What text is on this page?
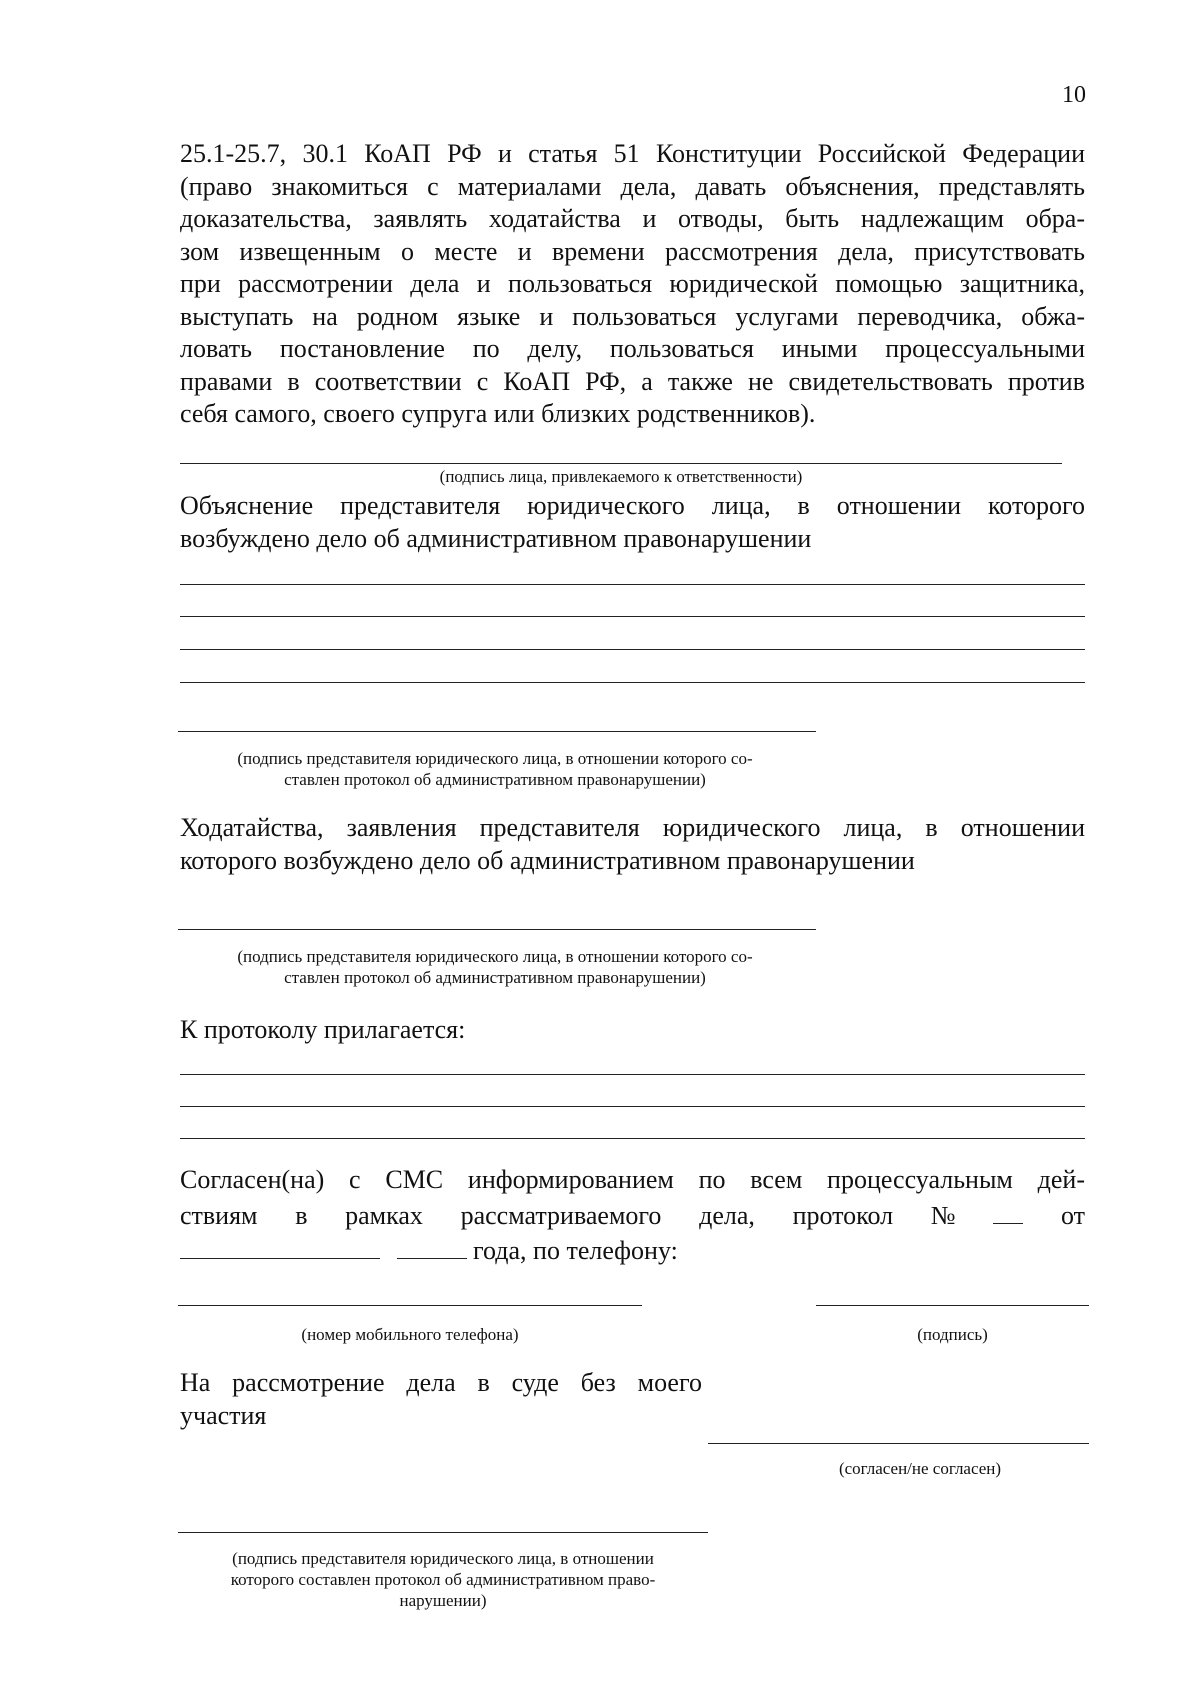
10
25.1-25.7, 30.1 КоАП РФ и статья 51 Конституции Российской Федерации
(право знакомиться с материалами дела, давать объяснения, представлять
доказательства, заявлять ходатайства и отводы, быть надлежащим обра-
зом извещенным о месте и времени рассмотрения дела, присутствовать
при рассмотрении дела и пользоваться юридической помощью защитника,
выступать на родном языке и пользоваться услугами переводчика, обжа-
ловать постановление по делу, пользоваться иными процессуальными
правами в соответствии с КоАП РФ, а также не свидетельствовать против
себя самого, своего супруга или близких родственников).
(подпись лица, привлекаемого к ответственности)
Объяснение представителя юридического лица, в отношении которого
возбуждено дело об административном правонарушении
(подпись представителя юридического лица, в отношении которого со-
ставлен протокол об административном правонарушении)
Ходатайства, заявления представителя юридического лица, в отношении
которого возбуждено дело об административном правонарушении
(подпись представителя юридического лица, в отношении которого со-
ставлен протокол об административном правонарушении)
К протоколу прилагается:
Согласен(на) с СМС информированием по всем процессуальным дей-
ствиям в рамках рассматриваемого дела, протокол №	от
года, по телефону:
(номер мобильного телефона)	(подпись)
На рассмотрение дела в суде без моего
участия
(согласен/не согласен)
(подпись представителя юридического лица, в отношении
которого составлен протокол об административном право-
нарушении)
